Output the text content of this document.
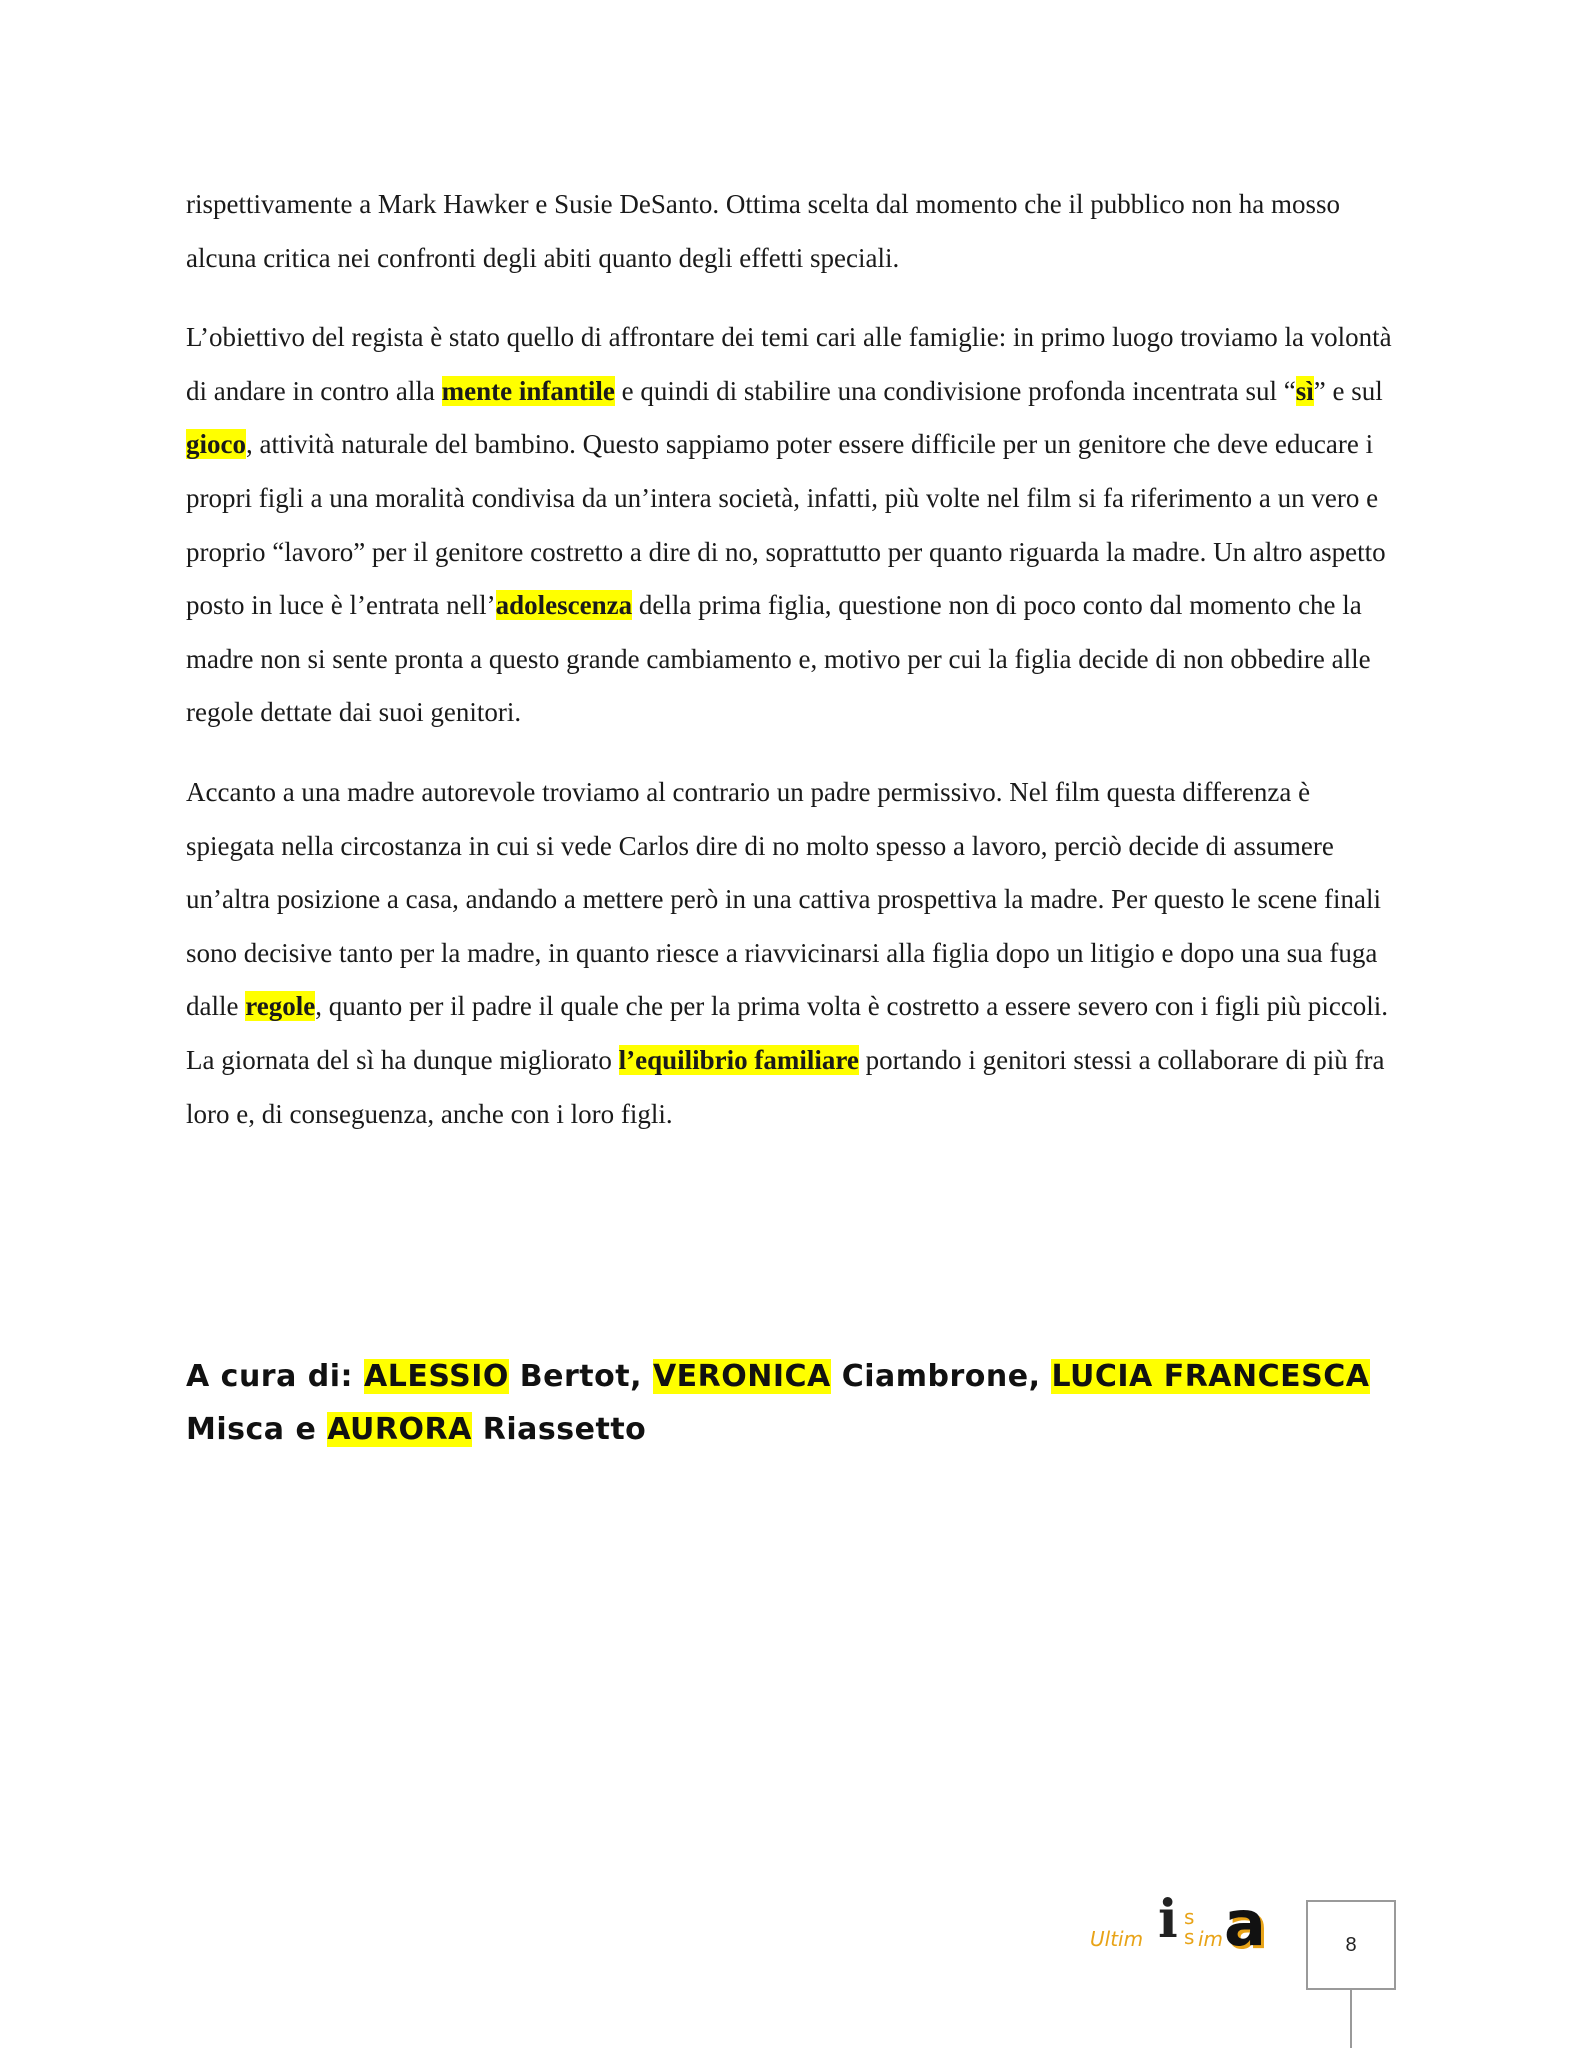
rispettivamente a Mark Hawker e Susie DeSanto. Ottima scelta dal momento che il pubblico non ha mosso alcuna critica nei confronti degli abiti quanto degli effetti speciali.

L’obiettivo del regista è stato quello di affrontare dei temi cari alle famiglie: in primo luogo troviamo la volontà di andare in contro alla mente infantile e quindi di stabilire una condivisione profonda incentrata sul “sì” e sul gioco, attività naturale del bambino. Questo sappiamo poter essere difficile per un genitore che deve educare i propri figli a una moralità condivisa da un’intera società, infatti, più volte nel film si fa riferimento a un vero e proprio “lavoro” per il genitore costretto a dire di no, soprattutto per quanto riguarda la madre. Un altro aspetto posto in luce è l’entrata nell’adolescenza della prima figlia, questione non di poco conto dal momento che la madre non si sente pronta a questo grande cambiamento e, motivo per cui la figlia decide di non obbedire alle regole dettate dai suoi genitori.

Accanto a una madre autorevole troviamo al contrario un padre permissivo. Nel film questa differenza è spiegata nella circostanza in cui si vede Carlos dire di no molto spesso a lavoro, perciò decide di assumere un’altra posizione a casa, andando a mettere però in una cattiva prospettiva la madre. Per questo le scene finali sono decisive tanto per la madre, in quanto riesce a riavvicinarsi alla figlia dopo un litigio e dopo una sua fuga dalle regole, quanto per il padre il quale che per la prima volta è costretto a essere severo con i figli più piccoli. La giornata del sì ha dunque migliorato l’equilibrio familiare portando i genitori stessi a collaborare di più fra loro e, di conseguenza, anche con i loro figli.

A cura di: ALESSIO Bertot, VERONICA Ciambrone, LUCIA FRANCESCA Misca e AURORA Riassetto
Ultim i s
s im a	8
